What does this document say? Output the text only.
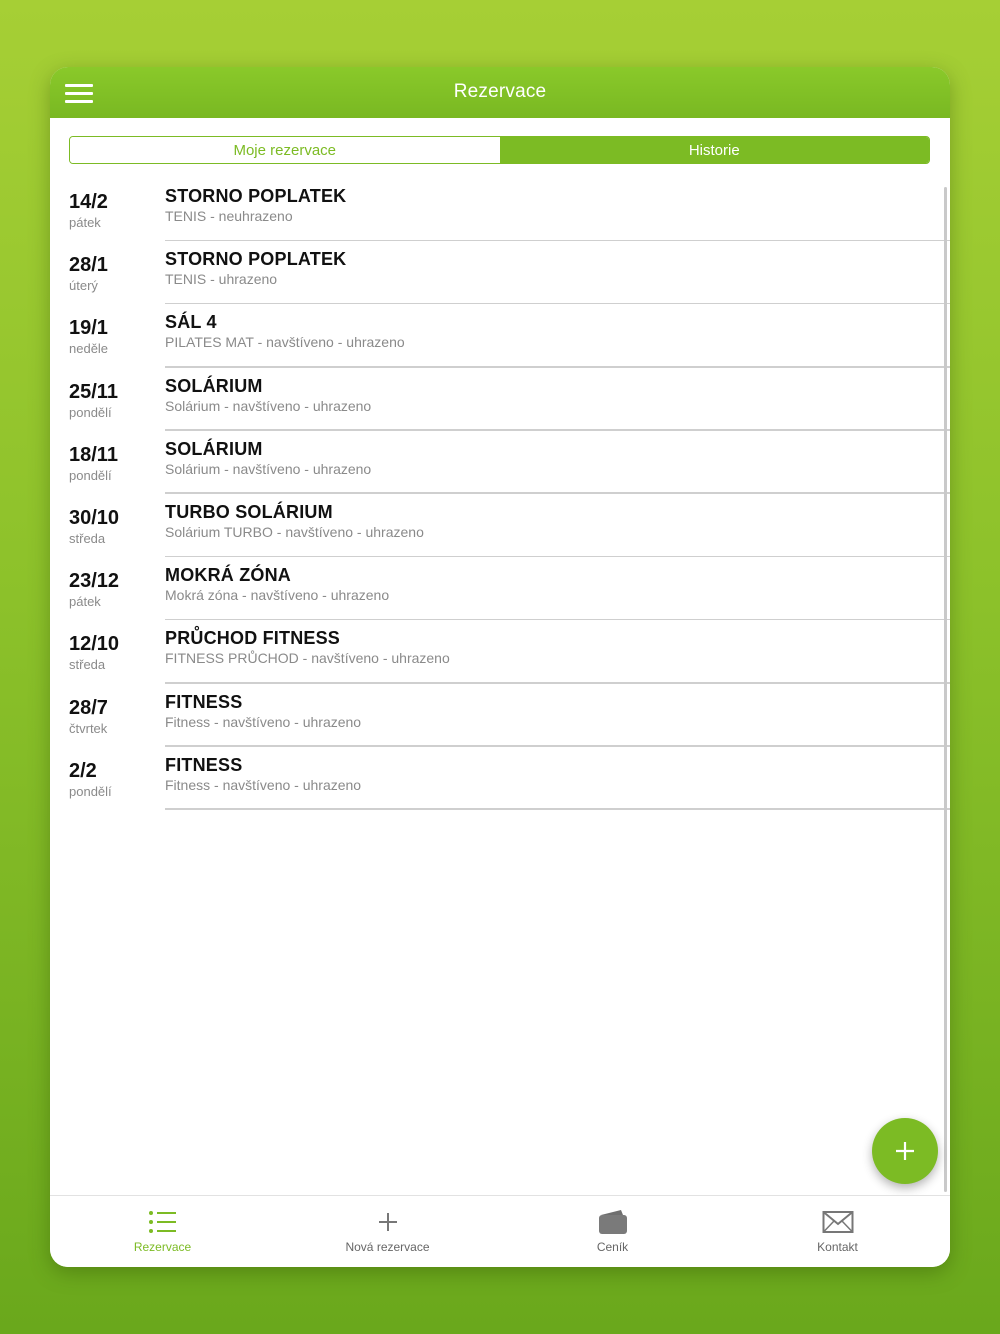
Rezervace
Moje rezervace	Historie
14/2
pátek
STORNO POPLATEK
TENIS - neuhrazeno
28/1
úterý
STORNO POPLATEK
TENIS - uhrazeno
19/1
neděle
SÁL 4
PILATES MAT - navštíveno - uhrazeno
25/11
pondělí
SOLÁRIUM
Solárium - navštíveno - uhrazeno
18/11
pondělí
SOLÁRIUM
Solárium - navštíveno - uhrazeno
30/10
středa
TURBO SOLÁRIUM
Solárium TURBO - navštíveno - uhrazeno
23/12
pátek
MOKRÁ ZÓNA
Mokrá zóna - navštíveno - uhrazeno
12/10
středa
PRŮCHOD FITNESS
FITNESS PRŮCHOD - navštíveno - uhrazeno
28/7
čtvrtek
FITNESS
Fitness - navštíveno - uhrazeno
2/2
pondělí
FITNESS
Fitness - navštíveno - uhrazeno
Rezervace	Nová rezervace	Ceník	Kontakt
